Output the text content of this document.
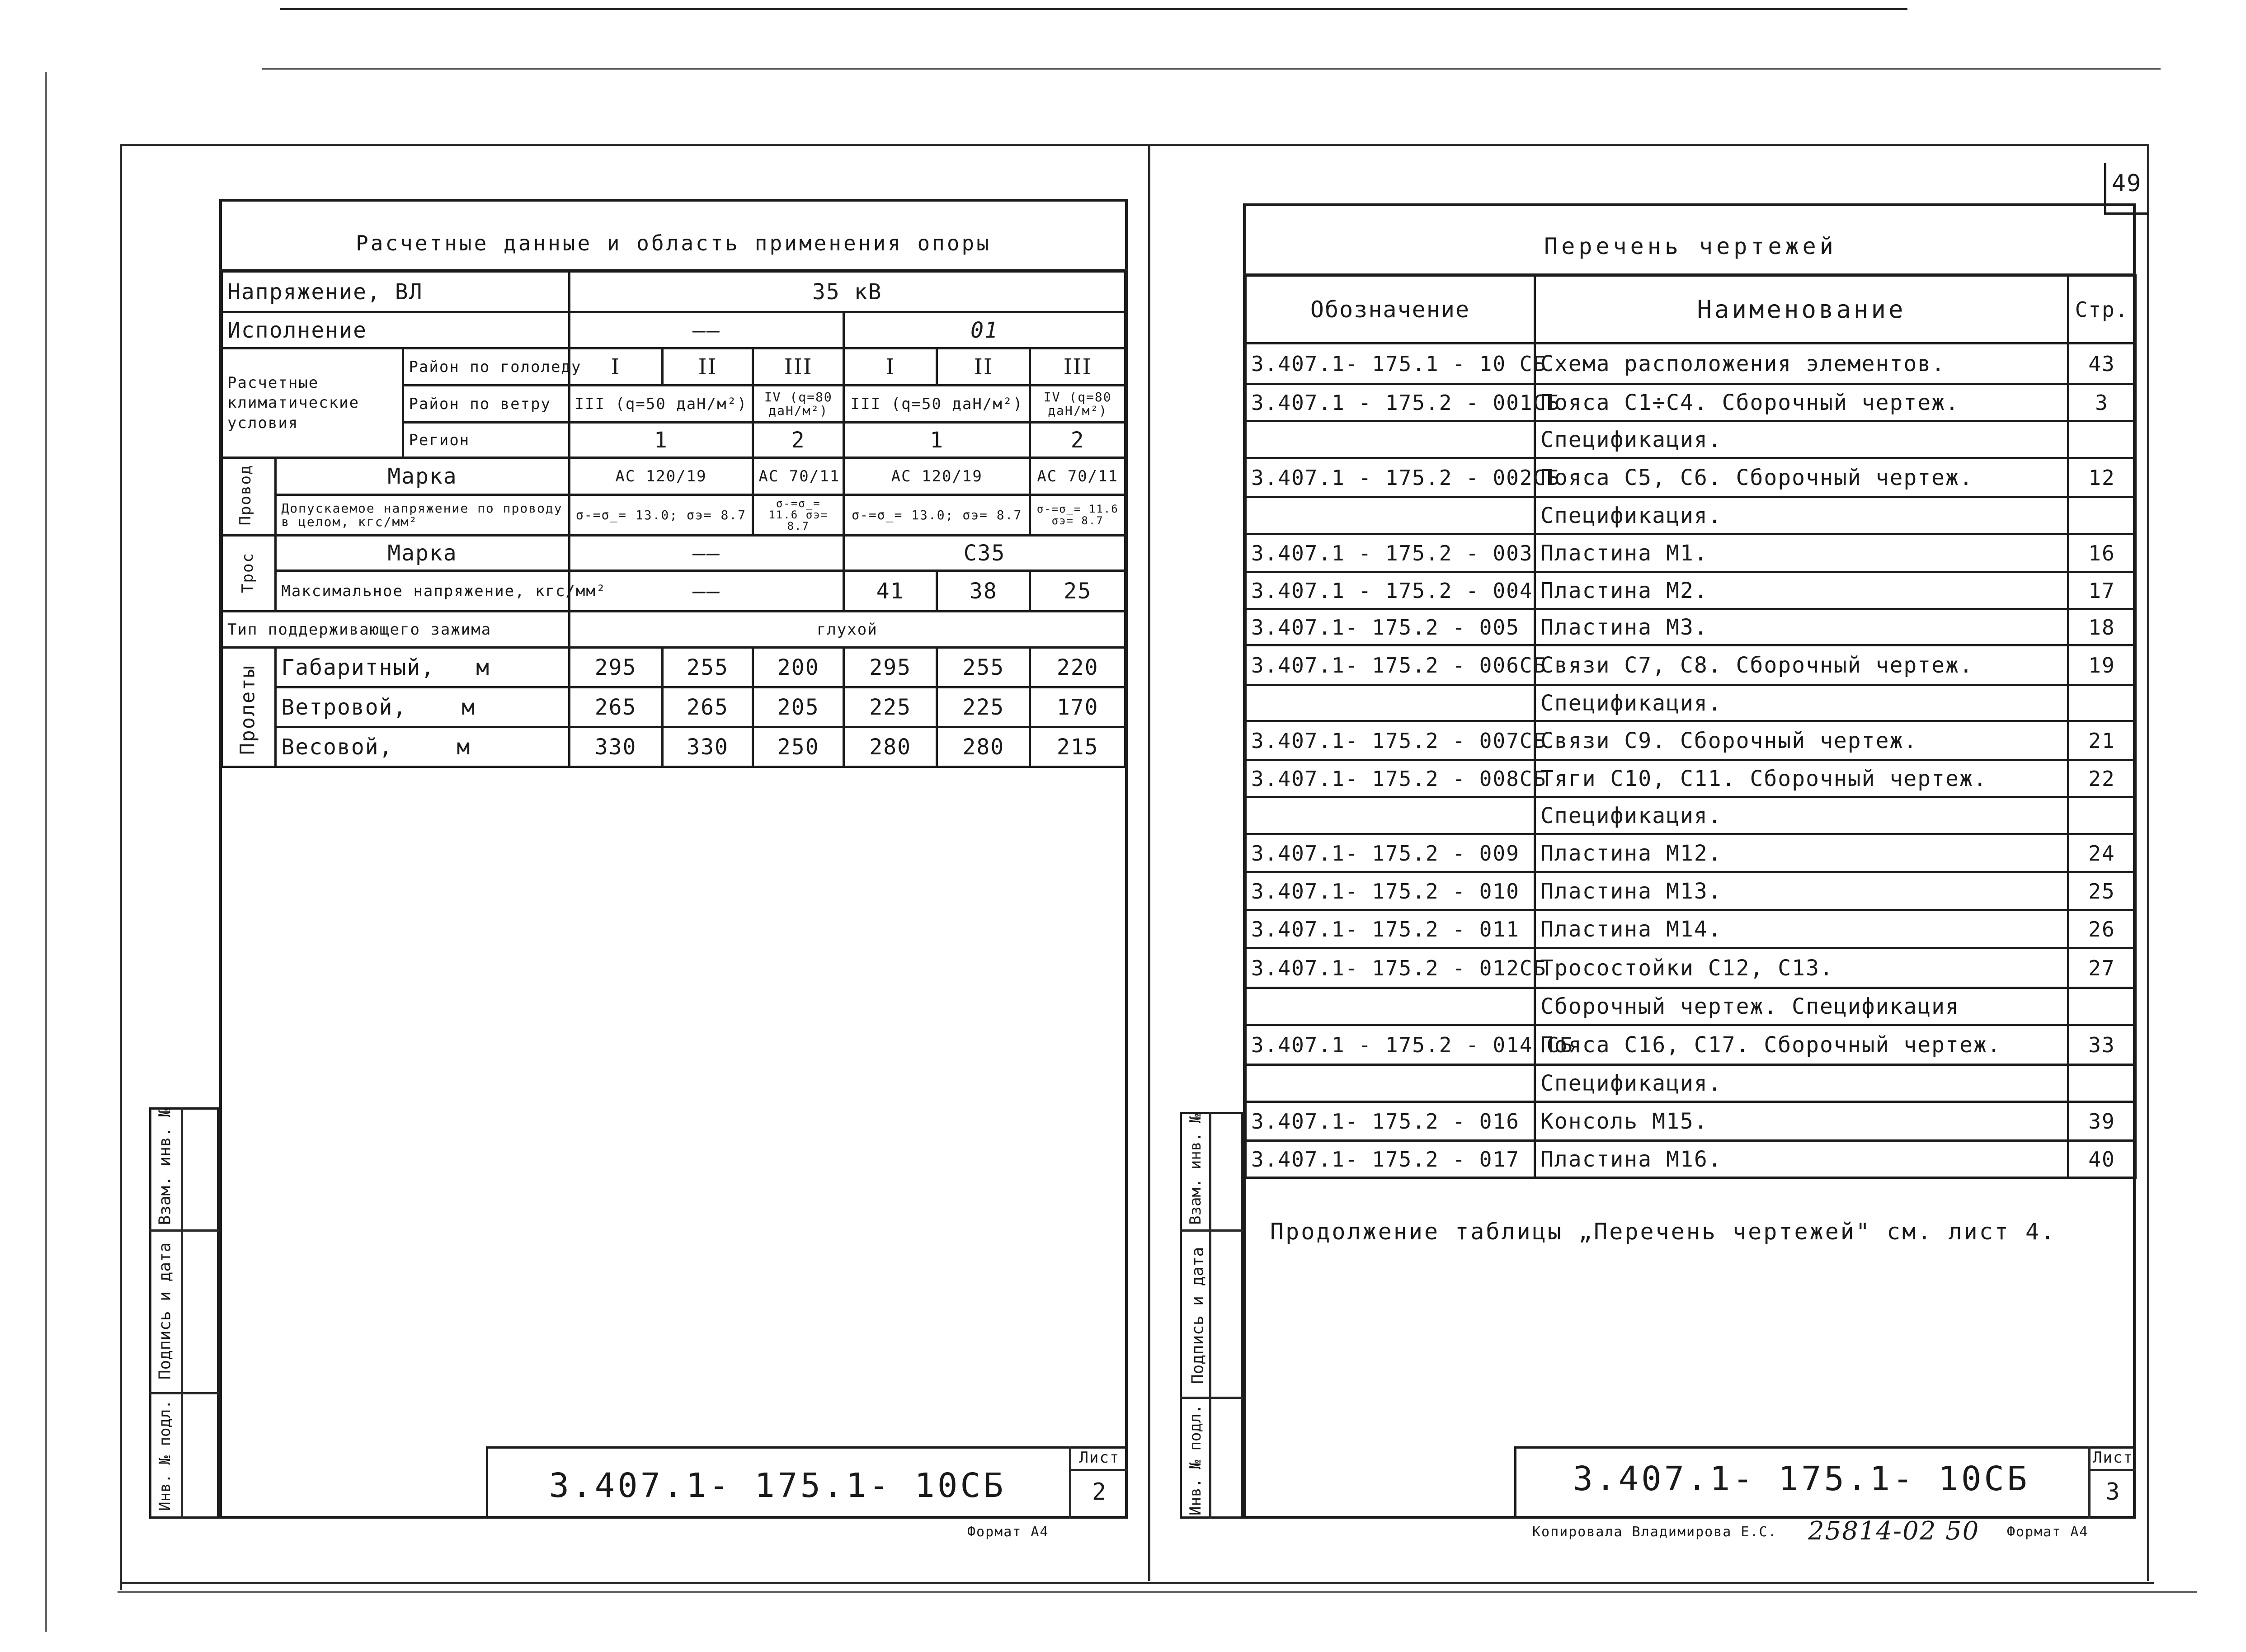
49
Расчетные данные и область применения опоры
Напряжение, ВЛ			35 кВ					
Исполнение			——			01		
Расчетные климатические условия		Район по гололеду	I	II	III	I	II	III
		Район по ветру	III (q=50 даН/м²)		IV (q=80 даН/м²)	III (q=50 даН/м²)		IV (q=80 даН/м²)
		Регион	1		2	1		2

Провод	Марка		АС 120/19		АС 70/11	АС 120/19		АС 70/11
	Допускаемое напряжение по проводу в целом, кгс/мм²		σ-=σ_= 13.0; σэ= 8.7		σ-=σ_= 11.6 σэ= 8.7	σ-=σ_= 13.0; σэ= 8.7		σ-=σ_= 11.6 σэ= 8.7

Трос	Марка		——			С35		
	Максимальное напряжение, кгс/мм²		——			41	38	25
Тип поддерживающего зажима			глухой					

Пролеты	Габаритный, м		295	255	200	295	255	220
	Ветровой, м		265	265	205	225	225	170
	Весовой, м		330	330	250	280	280	215
Взам. инв. №
Подпись и дата
Инв. № подл.	3.407.1- 175.1- 10СБ
Лист
2
Формат А4
Перечень чертежей
Обозначение	Наименование	Стр.
3.407.1- 175.1 - 10 СБ	Схема расположения элементов.	43
3.407.1 - 175.2 - 001СБ	Пояса С1÷С4. Сборочный чертеж.	3
	Спецификация.	
3.407.1 - 175.2 - 002СБ	Пояса С5, С6. Сборочный чертеж.	12
	Спецификация.	
3.407.1 - 175.2 - 003	Пластина М1.	16
3.407.1 - 175.2 - 004	Пластина М2.	17
3.407.1- 175.2 - 005	Пластина М3.	18
3.407.1- 175.2 - 006СБ	Связи С7, С8. Сборочный чертеж.	19
	Спецификация.	
3.407.1- 175.2 - 007СБ	Связи С9. Сборочный чертеж.	21
3.407.1- 175.2 - 008СБ	Тяги С10, С11. Сборочный чертеж.	22
	Спецификация.	
3.407.1- 175.2 - 009	Пластина М12.	24
3.407.1- 175.2 - 010	Пластина М13.	25
3.407.1- 175.2 - 011	Пластина М14.	26
3.407.1- 175.2 - 012СБ	Тросостойки С12, С13.	27
	Сборочный чертеж. Спецификация	
3.407.1 - 175.2 - 014 СБ	Пояса С16, С17. Сборочный чертеж.	33
	Спецификация.	
3.407.1- 175.2 - 016	Консоль М15.	39
3.407.1- 175.2 - 017	Пластина М16.	40
Продолжение таблицы „Перечень чертежей" см. лист 4.
Взам. инв. №
Подпись и дата
Инв. № подл.	3.407.1- 175.1- 10СБ
Лист
3
Копировала Владимирова Е.С. 25814-02 50 Формат А4
